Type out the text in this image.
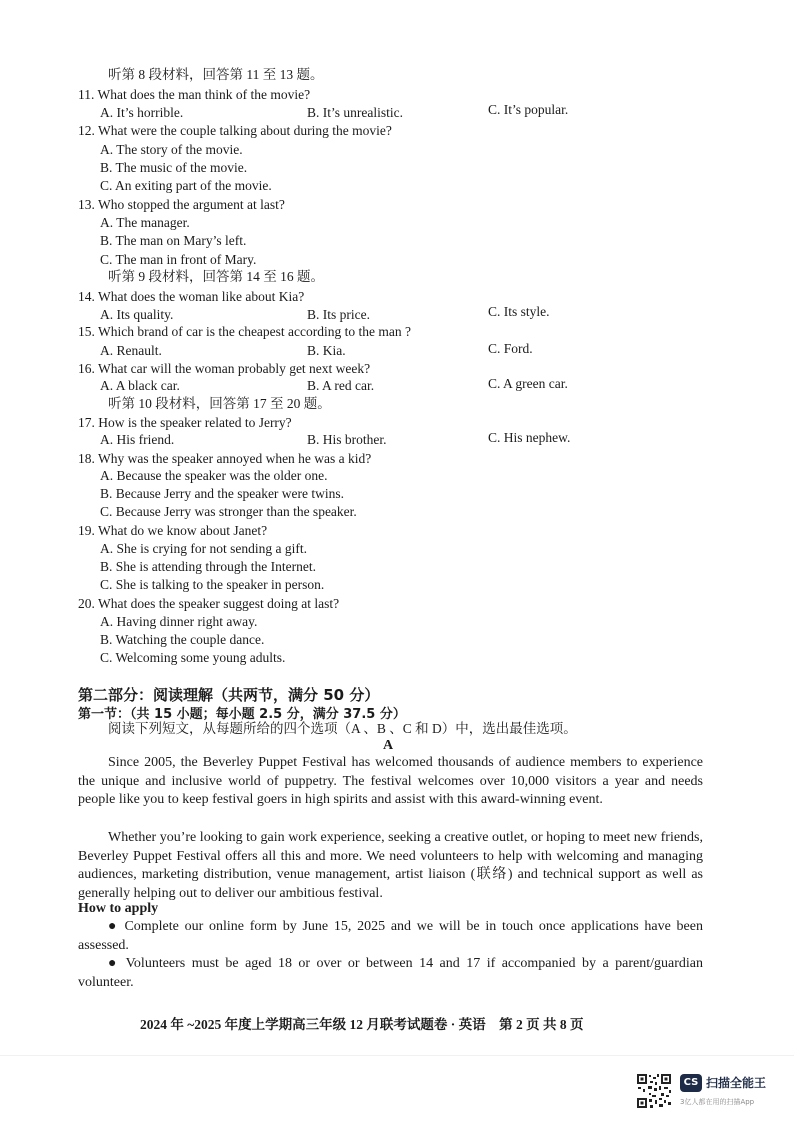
听第 8 段材料，回答第 11 至 13 题。
11. What does the man think of the movie?
A. It’s horrible.	B. It’s unrealistic.	C. It’s popular.
12. What were the couple talking about during the movie?
A. The story of the movie.
B. The music of the movie.
C. An exiting part of the movie.
13. Who stopped the argument at last?
A. The manager.
B. The man on Mary’s left.
C. The man in front of Mary.
听第 9 段材料，回答第 14 至 16 题。
14. What does the woman like about Kia?
A. Its quality.	B. Its price.	C. Its style.
15. Which brand of car is the cheapest according to the man ?
A. Renault.	B. Kia.	C. Ford.
16. What car will the woman probably get next week?
A. A black car.	B. A red car.	C. A green car.
听第 10 段材料，回答第 17 至 20 题。
17. How is the speaker related to Jerry?
A. His friend.	B. His brother.	C. His nephew.
18. Why was the speaker annoyed when he was a kid?
A. Because the speaker was the older one.
B. Because Jerry and the speaker were twins.
C. Because Jerry was stronger than the speaker.
19. What do we know about Janet?
A. She is crying for not sending a gift.
B. She is attending through the Internet.
C. She is talking to the speaker in person.
20. What does the speaker suggest doing at last?
A. Having dinner right away.
B. Watching the couple dance.
C. Welcoming some young adults.
第二部分：阅读理解（共两节，满分 50 分）
第一节：（共 15 小题；每小题 2.5 分，满分 37.5 分）
阅读下列短文，从每题所给的四个选项（A 、B 、C 和 D）中，选出最佳选项。
A
Since 2005, the Beverley Puppet Festival has welcomed thousands of audience members to experience the unique and inclusive world of puppetry. The festival welcomes over 10,000 visitors a year and needs people like you to keep festival goers in high spirits and assist with this award-winning event.
Whether you’re looking to gain work experience, seeking a creative outlet, or hoping to meet new friends, Beverley Puppet Festival offers all this and more. We need volunteers to help with welcoming and managing audiences, marketing distribution, venue management, artist liaison (联络) and technical support as well as generally helping out to deliver our ambitious festival.
How to apply
● Complete our online form by June 15, 2025 and we will be in touch once applications have been assessed.
● Volunteers must be aged 18 or over or between 14 and 17 if accompanied by a parent/guardian volunteer.
2024 年 ~2025 年度上学期高三年级 12 月联考试题卷 · 英语　第 2 页 共 8 页
CS 扫描全能王
3亿人都在用的扫描App
